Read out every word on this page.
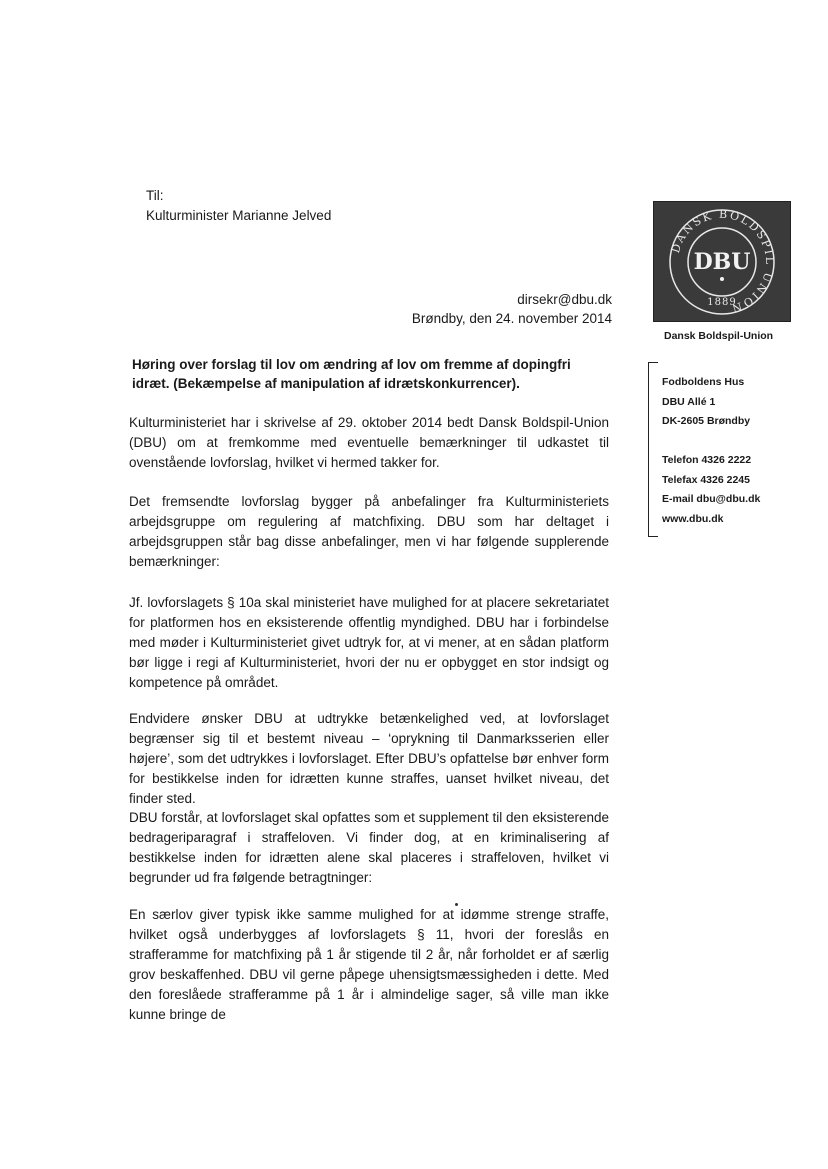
Til:
Kulturminister Marianne Jelved
dirsekr@dbu.dk
Brøndby, den 24. november 2014
Høring over forslag til lov om ændring af lov om fremme af dopingfri idræt. (Bekæmpelse af manipulation af idrætskonkurrencer).
Kulturministeriet har i skrivelse af 29. oktober 2014 bedt Dansk Boldspil-Union (DBU) om at fremkomme med eventuelle bemærkninger til udkastet til ovenstående lovforslag, hvilket vi hermed takker for.
Det fremsendte lovforslag bygger på anbefalinger fra Kulturministeriets arbejdsgruppe om regulering af matchfixing. DBU som har deltaget i arbejdsgruppen står bag disse anbefalinger, men vi har følgende supplerende bemærkninger:
Jf. lovforslagets § 10a skal ministeriet have mulighed for at placere sekretariatet for platformen hos en eksisterende offentlig myndighed. DBU har i forbindelse med møder i Kulturministeriet givet udtryk for, at vi mener, at en sådan platform bør ligge i regi af Kulturministeriet, hvori der nu er opbygget en stor indsigt og kompetence på området.
Endvidere ønsker DBU at udtrykke betænkelighed ved, at lovforslaget begrænser sig til et bestemt niveau – ‘oprykning til Danmarksserien eller højere’, som det udtrykkes i lovforslaget. Efter DBU’s opfattelse bør enhver form for bestikkelse inden for idrætten kunne straffes, uanset hvilket niveau, det finder sted.
DBU forstår, at lovforslaget skal opfattes som et supplement til den eksisterende bedrageriparagraf i straffeloven. Vi finder dog, at en kriminalisering af bestikkelse inden for idrætten alene skal placeres i straffeloven, hvilket vi begrunder ud fra følgende betragtninger:
En særlov giver typisk ikke samme mulighed for at idømme strenge straffe, hvilket også underbygges af lovforslagets § 11, hvori der foreslås en strafferamme for matchfixing på 1 år stigende til 2 år, når forholdet er af særlig grov beskaffenhed. DBU vil gerne påpege uhensigtsmæssigheden i dette. Med den foreslåede strafferamme på 1 år i almindelige sager, så ville man ikke kunne bringe de
DANSK BOLDSPIL UNION
DBU
1889
Dansk Boldspil-Union
Fodboldens Hus
DBU Allé 1
DK-2605 Brøndby
Telefon 4326 2222
Telefax 4326 2245
E-mail dbu@dbu.dk
www.dbu.dk
